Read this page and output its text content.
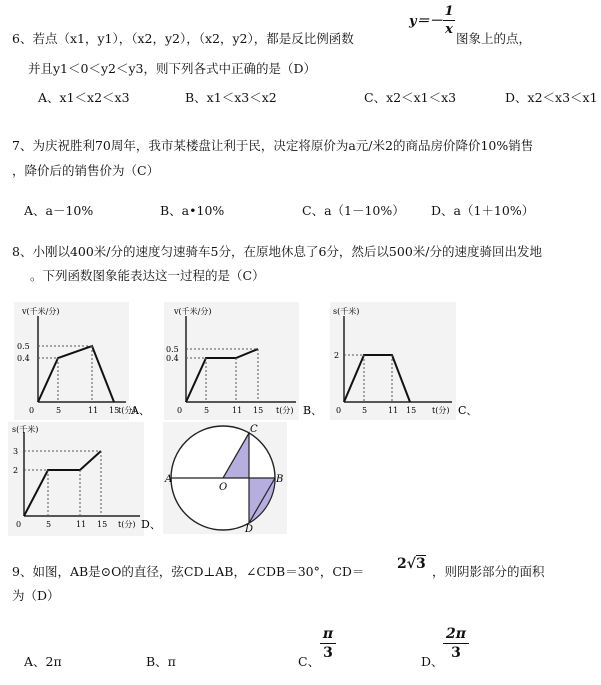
6、若点（x1，y1），（x2，y2），（x2，y2），都是反比例函数
y＝－
1
x
图象上的点，
并且y1＜0＜y2＜y3，则下列各式中正确的是（D）
A、x1＜x2＜x3	B、x1＜x3＜x2	C、x2＜x1＜x3	D、x2＜x3＜x1
7、为庆祝胜利70周年，我市某楼盘让利于民，决定将原价为a元/米2的商品房价降价10%销售
，降价后的销售价为（C）
A、a－10%	B、a•10%	C、a（1－10%） D、a（1＋10%）
8、小刚以400米/分的速度匀速骑车5分，在原地休息了6分，然后以500米/分的速度骑回出发地
。下列函数图象能表达这一过程的是（C）
v(千米/分)
0.5
0.4
0	5	11 15
t(分)
A、
v(千米/分)
0.5
0.4
0	5	11 15 t(分) B、
s(千米)
2
0	5	11 15 t(分) C、
s(千米)
3
2
0	5	11 15 t(分) D、
A	B
C
D
O
9、如图，AB是⊙O的直径，弦CD⊥AB，∠CDB＝30°，CD＝ 2√3 ，则阴影部分的面积
为（D）
A、2π	B、π	C、
π
3
D、
2π
3
